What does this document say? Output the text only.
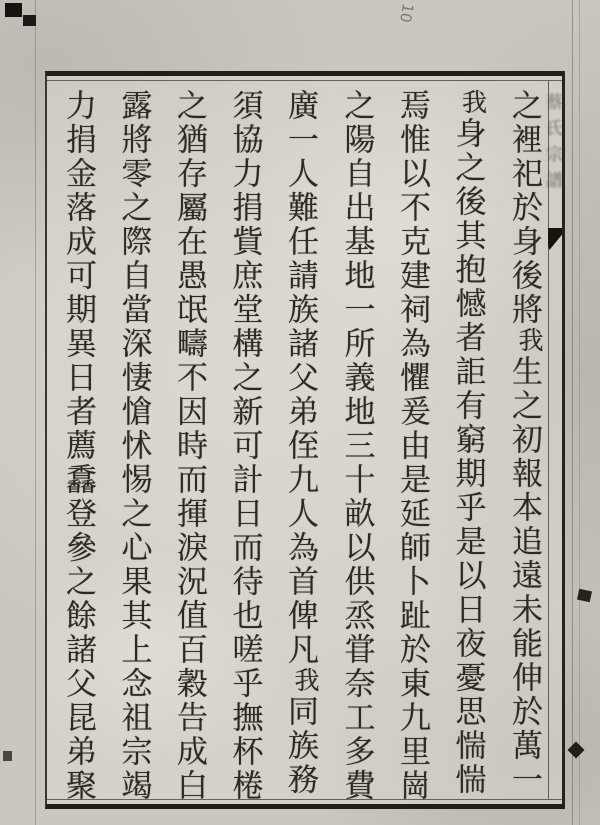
10
蔡氏宗譜
之裡祀於身後將我生之初報本追遠未能伸於萬一
我身之後其抱憾者詎有窮期乎是以日夜憂思惴惴
焉惟以不克建祠為懼爰由是延師卜趾於東九里崗
之陽自出基地一所義地三十畝以供烝甞奈工多費
廣一人難任請族諸父弟侄九人為首俾凡我同族務
須協力捐貲庶堂構之新可計日而待也嗟乎撫杯棬
之猶存屬在愚氓疇不因時而揮淚況值百穀告成白
露將零之際自當深悽愴怵惕之心果其上念祖宗竭
力捐金落成可期異日者薦馫登參之餘諸父昆弟聚
